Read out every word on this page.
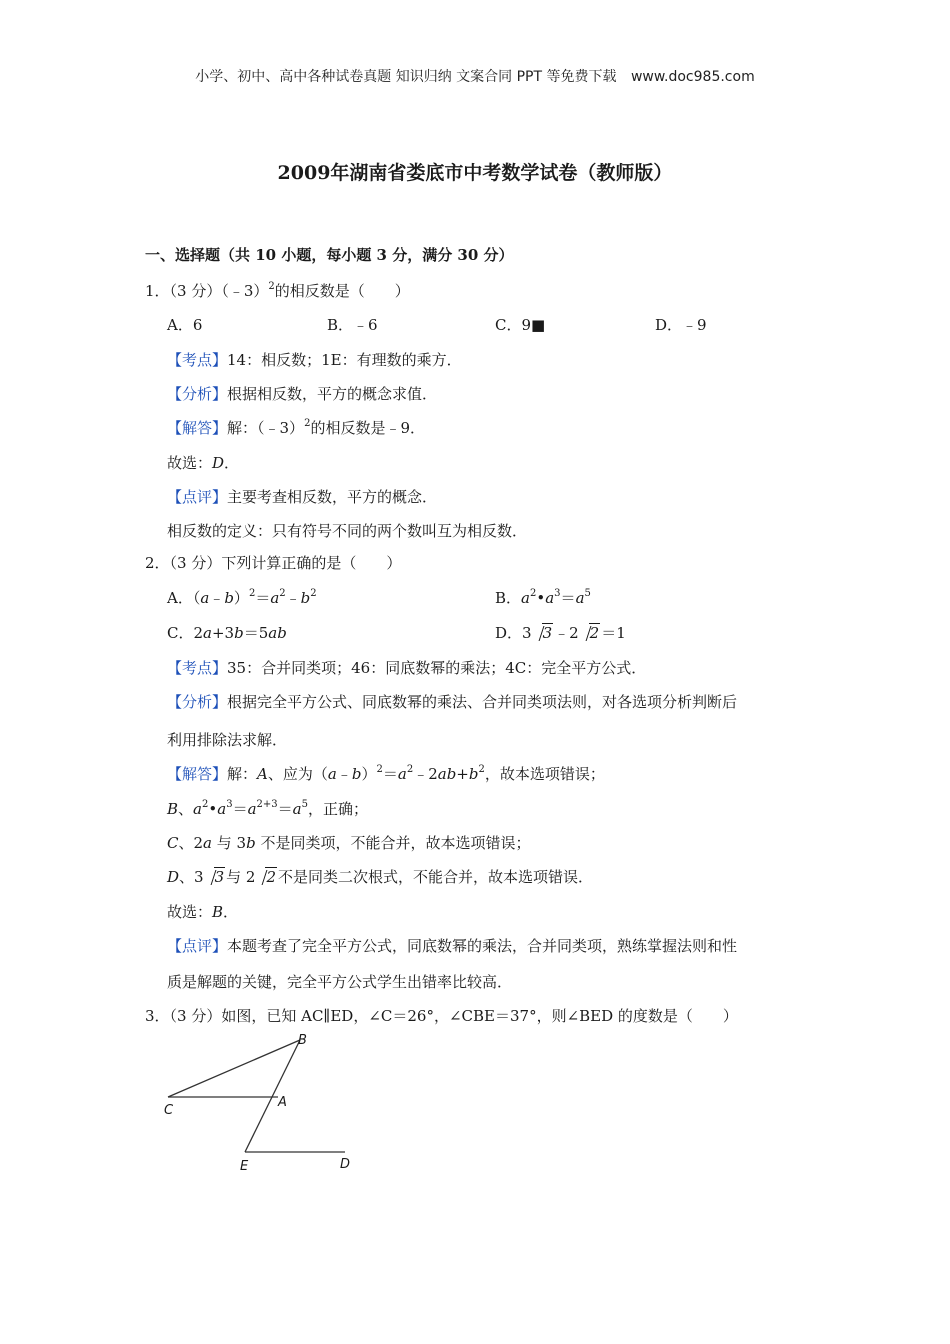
小学、初中、高中各种试卷真题 知识归纳 文案合同 PPT 等免费下载 www.doc985.com
2009年湖南省娄底市中考数学试卷（教师版）
一、选择题（共 10 小题，每小题 3 分，满分 30 分）
1．（3 分）（﹣3）$^2$的相反数是（　　）
A．6	B．﹣6	C．9■	D．﹣9
【考点】14：相反数；1E：有理数的乘方．
【分析】根据相反数，平方的概念求值．
【解答】解：（﹣3）$^2$的相反数是﹣9．
故选：D．
【点评】主要考查相反数，平方的概念．
相反数的定义：只有符号不同的两个数叫互为相反数．
2．（3 分）下列计算正确的是（　　）
A．$(a﹣b)^2=a^2﹣b^2$	B．$a^2•a^3=a^5$
C．2a+3b＝5ab	D．3 3 ﹣2 2 ＝1
【考点】35：合并同类项；46：同底数幂的乘法；4C：完全平方公式．
【分析】根据完全平方公式、同底数幂的乘法、合并同类项法则，对各选项分析判断后
利用排除法求解．
【解答】解：A、应为$(a﹣b)^2=a^2﹣2ab+b^2$，故本选项错误；
B、$a^2•a^3=a^{2+3}=a^5$，正确；
C、2a 与 3b 不是同类项，不能合并，故本选项错误；
D、3 3 与 2 2 不是同类二次根式，不能合并，故本选项错误．
故选：B．
【点评】本题考查了完全平方公式，同底数幂的乘法，合并同类项，熟练掌握法则和性
质是解题的关键，完全平方公式学生出错率比较高．
3．（3 分）如图，已知 AC∥ED，∠C＝26°，∠CBE＝37°，则∠BED 的度数是（　　）
B
C
A
E	D
